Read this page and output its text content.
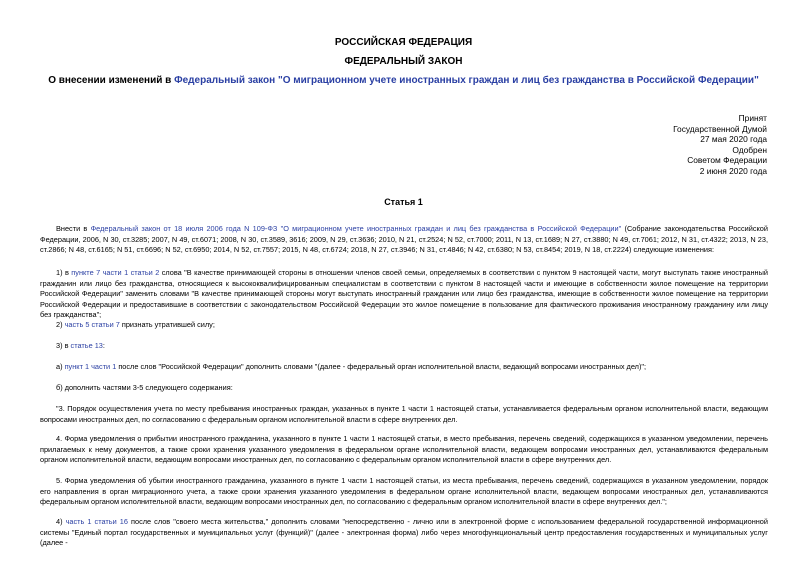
РОССИЙСКАЯ ФЕДЕРАЦИЯ
ФЕДЕРАЛЬНЫЙ ЗАКОН
О внесении изменений в Федеральный закон "О миграционном учете иностранных граждан и лиц без гражданства в Российской Федерации"
Принят
Государственной Думой
27 мая 2020 года
Одобрен
Советом Федерации
2 июня 2020 года
Статья 1
Внести в Федеральный закон от 18 июля 2006 года N 109-ФЗ "О миграционном учете иностранных граждан и лиц без гражданства в Российской Федерации" (Собрание законодательства Российской Федерации, 2006, N 30, ст.3285; 2007, N 49, ст.6071; 2008, N 30, ст.3589, 3616; 2009, N 29, ст.3636; 2010, N 21, ст.2524; N 52, ст.7000; 2011, N 13, ст.1689; N 27, ст.3880; N 49, ст.7061; 2012, N 31, ст.4322; 2013, N 23, ст.2866; N 48, ст.6165; N 51, ст.6696; N 52, ст.6950; 2014, N 52, ст.7557; 2015, N 48, ст.6724; 2018, N 27, ст.3946; N 31, ст.4846; N 42, ст.6380; N 53, ст.8454; 2019, N 18, ст.2224) следующие изменения:
1) в пункте 7 части 1 статьи 2 слова "В качестве принимающей стороны в отношении членов своей семьи, определяемых в соответствии с пунктом 9 настоящей части, могут выступать также иностранный гражданин или лицо без гражданства, относящиеся к высококвалифицированным специалистам в соответствии с пунктом 8 настоящей части и имеющие в собственности жилое помещение на территории Российской Федерации" заменить словами "В качестве принимающей стороны могут выступать иностранный гражданин или лицо без гражданства, имеющие в собственности жилое помещение на территории Российской Федерации и предоставившие в соответствии с законодательством Российской Федерации это жилое помещение в пользование для фактического проживания иностранному гражданину или лицу без гражданства";
2) часть 5 статьи 7 признать утратившей силу;
3) в статье 13:
а) пункт 1 части 1 после слов "Российской Федерации" дополнить словами "(далее - федеральный орган исполнительной власти, ведающий вопросами иностранных дел)";
б) дополнить частями 3-5 следующего содержания:
"3. Порядок осуществления учета по месту пребывания иностранных граждан, указанных в пункте 1 части 1 настоящей статьи, устанавливается федеральным органом исполнительной власти, ведающим вопросами иностранных дел, по согласованию с федеральным органом исполнительной власти в сфере внутренних дел.
4. Форма уведомления о прибытии иностранного гражданина, указанного в пункте 1 части 1 настоящей статьи, в место пребывания, перечень сведений, содержащихся в указанном уведомлении, перечень прилагаемых к нему документов, а также сроки хранения указанного уведомления в федеральном органе исполнительной власти, ведающем вопросами иностранных дел, устанавливаются федеральным органом исполнительной власти, ведающим вопросами иностранных дел, по согласованию с федеральным органом исполнительной власти в сфере внутренних дел.
5. Форма уведомления об убытии иностранного гражданина, указанного в пункте 1 части 1 настоящей статьи, из места пребывания, перечень сведений, содержащихся в указанном уведомлении, порядок его направления в орган миграционного учета, а также сроки хранения указанного уведомления в федеральном органе исполнительной власти, ведающем вопросами иностранных дел, устанавливаются федеральным органом исполнительной власти, ведающим вопросами иностранных дел, по согласованию с федеральным органом исполнительной власти в сфере внутренних дел.";
4) часть 1 статьи 16 после слов "своего места жительства," дополнить словами "непосредственно - лично или в электронной форме с использованием федеральной государственной информационной системы "Единый портал государственных и муниципальных услуг (функций)" (далее - электронная форма) либо через многофункциональный центр предоставления государственных и муниципальных услуг (далее -
